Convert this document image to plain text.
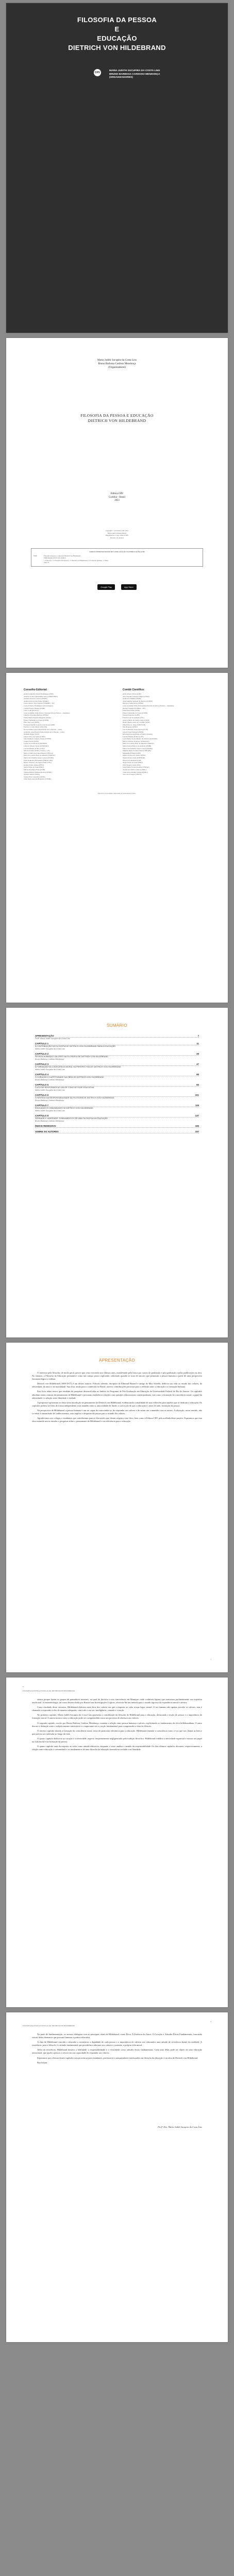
FILOSOFIA DA PESSOA
E
EDUCAÇÃO
DIETRICH VON HILDEBRAND
CRV
MARIA JUDITH SUCUPIRA DA COSTA LINS
BRUNO BARBOSA CARDOSO MENDONÇA
(ORGANIZADORES)
Maria Judith Sucupira da Costa Lins
Bruno Barbosa Cardoso Mendonça
(Organizadores)
FILOSOFIA DA PESSOA E EDUCAÇÃO
DIETRICH VON HILDEBRAND
Editora CRV
Curitiba – Brasil
2023
Copyright © da Editora CRV Ltda.
Editor-chefe: Railson Moura
Diagramação e Capa: Editora CRV
Revisão: Os Autores
DADOS INTERNACIONAIS DE CATALOGAÇÃO NA PUBLICAÇÃO (CIP)
F488	Filosofia da pessoa e educação Dietrich von Hildebrand
ISBN Digital 978-65-251-0000-0
1. Educação. 2. Filosofia da Educação. 3. Dietrich von Hildebrand. 4. Formação humana. I. Título.
CDU 37
Google Play	App Store
Conselho Editorial:
Aldira Guimarães Duarte Domínguez (UNB)
Andréia da Silva Quintanilha Sousa (UNIR/UFRN)
Anselmo Alencar Colares (UFOPA)
Antônio Pereira Gaio Júnior (UFRRJ)
Carlos Alberto Vilar Estêvão (UMINHO – PT)
Carlos Federico Dominguez Avila (Unieuro)
Carmen Tereza Velanga (UNIR)
Celso Conti (UFSCar)
Cesar Gerónimo Tello (Univer. Nacional Três de Febrero – Argentina)
Eduardo Fernandes Barbosa (UFMG)
Elione Maria Nogueira Diogenes (UFAL)
Elizeu Clementino de Souza (UNEB)
Élsio José Corá (UFFS)
Fernando Antônio Gonçalves Alcoforado (IPB)
Francisco Carlos Duarte (PUC-PR)
Gloria Fariñas León (Universidade de La Havana – Cuba)
Guillermo Arias Beatón (Universidade de La Havana – Cuba)
Helmuth Krüger (UCP)
Jailson Alves dos Santos (UFRJ)
João Adalberto Campato Junior (UNESP)
Josania Portela (UFPI)
Leonel Severo Rocha (UNISINOS)
Lídia de Oliveira Xavier (UNIEURO)
Lourdes Helena da Silva (UFV)
Marcelo Paixão (UFRJ e UTexas – US)
Maria Cristina dos Santos Bezerra (UFSCar)
Maria de Lourdes Pinto de Almeida (UNOESC)
Maria Lília Imbiriba Sousa Colares (UFOPA)
Paulo Romualdo Hernandes (UNIFAL-MG)
Renato Francisco dos Santos Paula (UFG)
Rodrigo Pratte-Santos (UFES)
Sérgio Nunes de Jesus (IFRO)
Simone Rodrigues Pinto (UNB)
Solange Helena Ximenes-Rocha (UFOPA)
Sydione Santos (UEPG)
Tadeu Oliver Gonçalves (UFPA)
Tania Suely Azevedo Brasileiro (UFOPA)
Comitê Científico:
Altair Alberto Fávero (UPF)
Ana Chrystina Venancio Mignot (UERJ)
Andréia N. Militão (UEMS)
Anna Augusta Sampaio de Oliveira (UNESP)
Barbara Coelho Neves (UFBA)
Cesar Gerónimo Tello (Universidad Nacional de Três de Febrero – Argentina)
Diosnel Centurion (UNIDA – PY)
Eliane Rose Maio (UEM)
Elizeu Clementino de Souza (UNEB)
Fauston Negreiros (UFPI)
Francisco Ari de Andrade (UFC)
Gláucia Maria dos Santos Jorge (UFOP)
Helder Buenos Aires de Carvalho (UFPI)
Ilma Passos A. Veiga (UNICEUB)
Inês Bragança (UERJ)
José de Ribamar Sousa Pereira (UCB)
Jussara Fraga Portugal (UNEB)
Kilwangy Kya Kapitango-a-Samba (Unemat)
Lourdes Helena da Silva (UFV)
Lucia Marisy Souza Ribeiro de Oliveira (UNIVASF)
Marcos Vinicius Francisco (UNOESTE)
Maria de Lourdes Pinto de Almeida (UNOESC)
Maria Eurácia Barreto de Andrade (UFRB)
Maria Lília Imbiriba Sousa Colares (UFOPA)
Míghian Danae Ferreira Nunes (UNILAB)
Mohammed Elhajji (UFRJ)
Mônica Pereira dos Santos (UFRJ)
Najela Tavares Ujiie (UNESPAR)
Nilson José Machado (USP)
Sérgio Nunes de Jesus (IFRO)
Silvia Regina Canan (URI)
Sonia Maria Ferreira Koehler (UNISAL)
Suzana dos Santos Gomes (UFMG)
Vânia Alves Martins Chaigar (FURG)
Vera Lucia Gaspar (UDESC)
Este livro foi avaliado e aprovado por pareceristas ad hoc.
SUMÁRIO
APRESENTAÇÃO	7
Profª. Maria Judith Sucupira da Costa Lins
CAPÍTULO 1	11
A CONTRIBUIÇÃO DA FILOSOFIA DE DIETRICH VON HILDEBRAND PARA A EDUCAÇÃO
Maria Judith Sucupira da Costa Lins
CAPÍTULO 2	29
PESSOA HUMANA E VALORES NA FILOSOFIA DE DIETRICH VON HILDEBRAND
Bruno Barbosa Cardoso Mendonça
CAPÍTULO 3	47
A FORMAÇÃO DA CONSCIÊNCIA MORAL NA PERSPECTIVA DE DIETRICH VON HILDEBRAND
Maria Judith Sucupira da Costa Lins
CAPÍTULO 4	65
O CORAÇÃO E A AFETIVIDADE NA OBRA DE DIETRICH VON HILDEBRAND
Bruno Barbosa Cardoso Mendonça
CAPÍTULO 5	83
O ATO DE RESPONDER AO VALOR COMO ATITUDE EDUCATIVA
Maria Judith Sucupira da Costa Lins
CAPÍTULO 6	101
O SENTIDO DA RESPONSABILIDADE NA FILOSOFIA DE DIETRICH VON HILDEBRAND
Bruno Barbosa Cardoso Mendonça
CAPÍTULO 7	119
EDUCAÇÃO E COMUNIDADE EM DIETRICH VON HILDEBRAND
Maria Judith Sucupira da Costa Lins
CAPÍTULO 8	137
VERDADE E LIBERDADE: FUNDAMENTOS DE UMA FILOSOFIA DA EDUCAÇÃO
Bruno Barbosa Cardoso Mendonça
ÍNDICE REMISSIVO	155
SOBRE OS AUTORES	157
APRESENTAÇÃO

O interesse pela filosofia, de modo geral, parece que vem crescendo nos últimos anos, manifestado pela busca por cursos de graduação e pós-graduação e pelas publicações na área. No entanto, a Filosofia da Educação permanece como um campo pouco explorado, sobretudo quando se trata de autores que pensaram a pessoa humana a partir de uma perspectiva fenomenológica e realista.

Dietrich von Hildebrand (1889-1977) é um desses autores. Filósofo alemão, discípulo de Edmund Husserl e amigo de Max Scheler, dedicou sua vida ao estudo dos valores, da afetividade, do amor e da moralidade. Sua obra, ainda pouco conhecida no Brasil, oferece contribuições preciosas para a reflexão sobre a educação e a formação humana.

Este livro reúne textos que resultam de pesquisas desenvolvidas no âmbito do Programa de Pós-Graduação em Educação da Universidade Federal do Rio de Janeiro. Os capítulos abordam temas centrais do pensamento de Hildebrand e procuram estabelecer relações com questões educacionais contemporâneas, tais como a formação da consciência moral, o papel da afetividade e a relação entre liberdade e verdade.

A proposta é apresentar ao leitor uma introdução ao pensamento de Dietrich von Hildebrand, evidenciando a atualidade de suas reflexões para aqueles que se dedicam à educação. Os capítulos podem ser lidos de forma independente, mas mantêm entre si uma unidade de fundo: a convicção de que a educação é, antes de tudo, formação da pessoa.

Na perspectiva de Hildebrand, a pessoa humana é um ser capaz de transcender-se, de responder aos valores e de entrar em comunhão com os outros. A educação, nesse sentido, não se reduz à transmissão de conhecimentos, mas implica o despertar da pessoa para o mundo dos valores.

Agradecemos aos colegas e estudantes que contribuíram para as discussões que deram origem a este livro, bem como à Editora CRV pela acolhida deste projeto. Esperamos que esta obra estimule novos estudos e pesquisas sobre o pensamento de Hildebrand e sua relevância para a educação.

7
8
FILOSOFIA DA PESSOA E EDUCAÇÃO: DIETRICH VON HILDEBRAND

sensos porque fazem os grupos de pensadores menores, na qual foi decisiva a sua convivência em Munique, onde conheceu figuras que marcaram profundamente sua trajetória intelectual. A fenomenologia, tal como desenvolvida por Husserl nas Investigações Lógicas, ofereceu-lhe um método para o estudo rigoroso da experiência moral e afetiva.

Como resultado desse encontro, Hildebrand elaborou uma ética dos valores em que a resposta ao valor ocupa lugar central. O ser humano não apenas percebe os valores, mas é chamado a responder a eles de maneira adequada, com todo o seu ser: inteligência, vontade e coração.

No primeiro capítulo, Maria Judith Sucupira da Costa Lins apresenta a contribuição da filosofia de Hildebrand para a educação, destacando a noção de pessoa e a importância da formação moral. A autora mostra como a educação pode ser compreendida como um processo de abertura aos valores.

O segundo capítulo, escrito por Bruno Barbosa Cardoso Mendonça, examina a relação entre pessoa humana e valores, explicitando os fundamentos da ética hildebrandiana. O autor discute a distinção entre o subjetivamente satisfatório e o importante em si, noção fundamental para compreender a obra do filósofo.

O terceiro capítulo aborda a formação da consciência moral, tema de particular relevância para a educação. Hildebrand entende a consciência como a voz que nos chama ao bem e que precisa ser cultivada ao longo da vida.

O quarto capítulo dedica-se ao coração e à afetividade, aspecto frequentemente negligenciado pela tradição filosófica. Hildebrand reabilita a afetividade espiritual e mostra seu papel na vida moral e na formação da pessoa.

O quinto capítulo trata da resposta ao valor como atitude educativa, enquanto o sexto analisa o sentido da responsabilidade. Os dois últimos capítulos discutem, respectivamente, a relação entre educação e comunidade e os fundamentos de uma filosofia da educação baseada na verdade e na liberdade.

9
FILOSOFIA DA PESSOA E EDUCAÇÃO: DIETRICH VON HILDEBRAND

Na parte de fundamentação, os autores dialogam com as principais obras de Hildebrand, como Ética, A Essência do Amor, O Coração e Atitudes Éticas Fundamentais, buscando extrair delas elementos que possam iluminar a prática educativa.

A obra de Hildebrand convida o educador a reconhecer a dignidade de cada pessoa e a importância de cultivar nos educandos uma atitude de reverência diante da realidade. A reverência, para o filósofo, é a atitude fundamental que possibilita a abertura aos valores e, portanto, a própria vida moral.

Além da reverência, Hildebrand destaca a fidelidade, a responsabilidade e a veracidade como atitudes éticas fundamentais. Cada uma delas pode ser objeto de uma educação intencional, que ajude a pessoa a crescer em sua capacidade de responder aos valores.

Esperamos que a leitura destes capítulos seja proveitosa para estudantes, professores e pesquisadores interessados em filosofia da educação e na obra de Dietrich von Hildebrand.

Boa leitura.

Profª. Dra. Maria Judith Sucupira da Costa Lins
